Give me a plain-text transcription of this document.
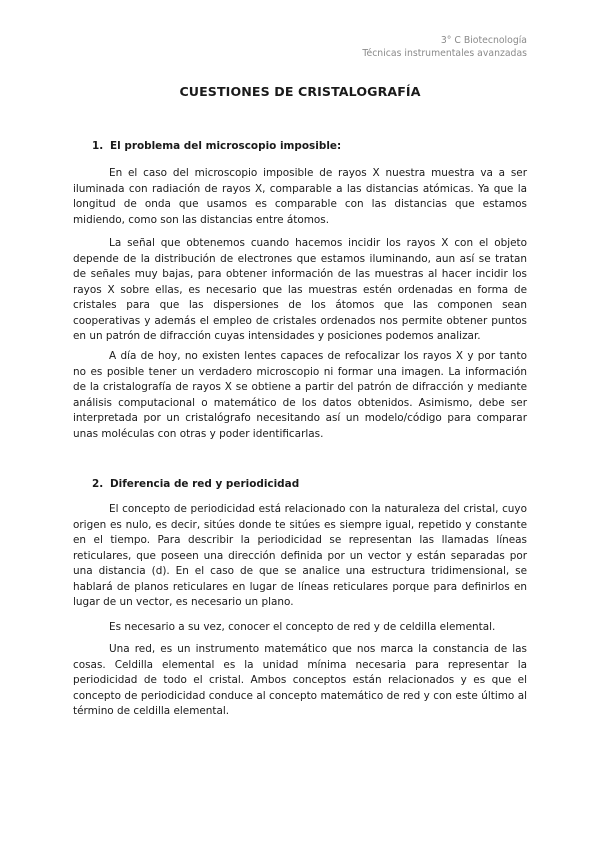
3° C Biotecnología
Técnicas instrumentales avanzadas
CUESTIONES DE CRISTALOGRAFÍA
1. El problema del microscopio imposible:

En el caso del microscopio imposible de rayos X nuestra muestra va a ser iluminada con radiación de rayos X, comparable a las distancias atómicas. Ya que la longitud de onda que usamos es comparable con las distancias que estamos midiendo, como son las distancias entre átomos.

La señal que obtenemos cuando hacemos incidir los rayos X con el objeto depende de la distribución de electrones que estamos iluminando, aun así se tratan de señales muy bajas, para obtener información de las muestras al hacer incidir los rayos X sobre ellas, es necesario que las muestras estén ordenadas en forma de cristales para que las dispersiones de los átomos que las componen sean cooperativas y además el empleo de cristales ordenados nos permite obtener puntos en un patrón de difracción cuyas intensidades y posiciones podemos analizar.

A día de hoy, no existen lentes capaces de refocalizar los rayos X y por tanto no es posible tener un verdadero microscopio ni formar una imagen. La información de la cristalografía de rayos X se obtiene a partir del patrón de difracción y mediante análisis computacional o matemático de los datos obtenidos. Asimismo, debe ser interpretada por un cristalógrafo necesitando así un modelo/código para comparar unas moléculas con otras y poder identificarlas.

2. Diferencia de red y periodicidad

El concepto de periodicidad está relacionado con la naturaleza del cristal, cuyo origen es nulo, es decir, sitúes donde te sitúes es siempre igual, repetido y constante en el tiempo. Para describir la periodicidad se representan las llamadas líneas reticulares, que poseen una dirección definida por un vector y están separadas por una distancia (d). En el caso de que se analice una estructura tridimensional, se hablará de planos reticulares en lugar de líneas reticulares porque para definirlos en lugar de un vector, es necesario un plano.

Es necesario a su vez, conocer el concepto de red y de celdilla elemental.

Una red, es un instrumento matemático que nos marca la constancia de las cosas. Celdilla elemental es la unidad mínima necesaria para representar la periodicidad de todo el cristal. Ambos conceptos están relacionados y es que el concepto de periodicidad conduce al concepto matemático de red y con este último al término de celdilla elemental.
